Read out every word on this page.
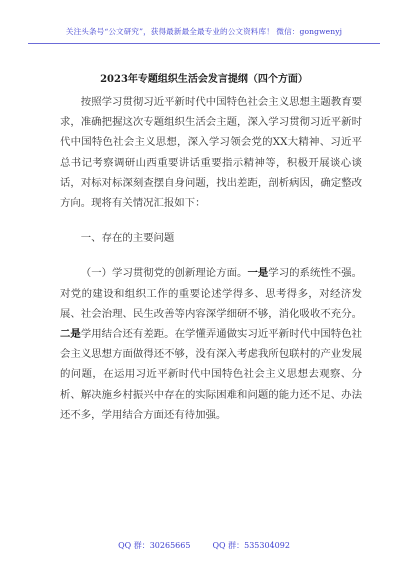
关注头条号“公文研究”，获得最新最全最专业的公文资料库！ 微信：gongwenyj
2023年专题组织生活会发言提纲（四个方面）

按照学习贯彻习近平新时代中国特色社会主义思想主题教育要求，准确把握这次专题组织生活会主题，深入学习贯彻习近平新时代中国特色社会主义思想，深入学习领会党的XX大精神、习近平总书记考察调研山西重要讲话重要指示精神等，积极开展谈心谈话，对标对标深刻查摆自身问题，找出差距，剖析病因，确定整改方向。现将有关情况汇报如下：

一、存在的主要问题

（一）学习贯彻党的创新理论方面。一是学习的系统性不强。对党的建设和组织工作的重要论述学得多、思考得多，对经济发展、社会治理、民生改善等内容深学细研不够，消化吸收不充分。二是学用结合还有差距。在学懂弄通做实习近平新时代中国特色社会主义思想方面做得还不够，没有深入考虑我所包联村的产业发展的问题，在运用习近平新时代中国特色社会主义思想去观察、分析、解决施乡村振兴中存在的实际困难和问题的能力还不足、办法还不多，学用结合方面还有待加强。

QQ 群：30265665	QQ 群：535304092
